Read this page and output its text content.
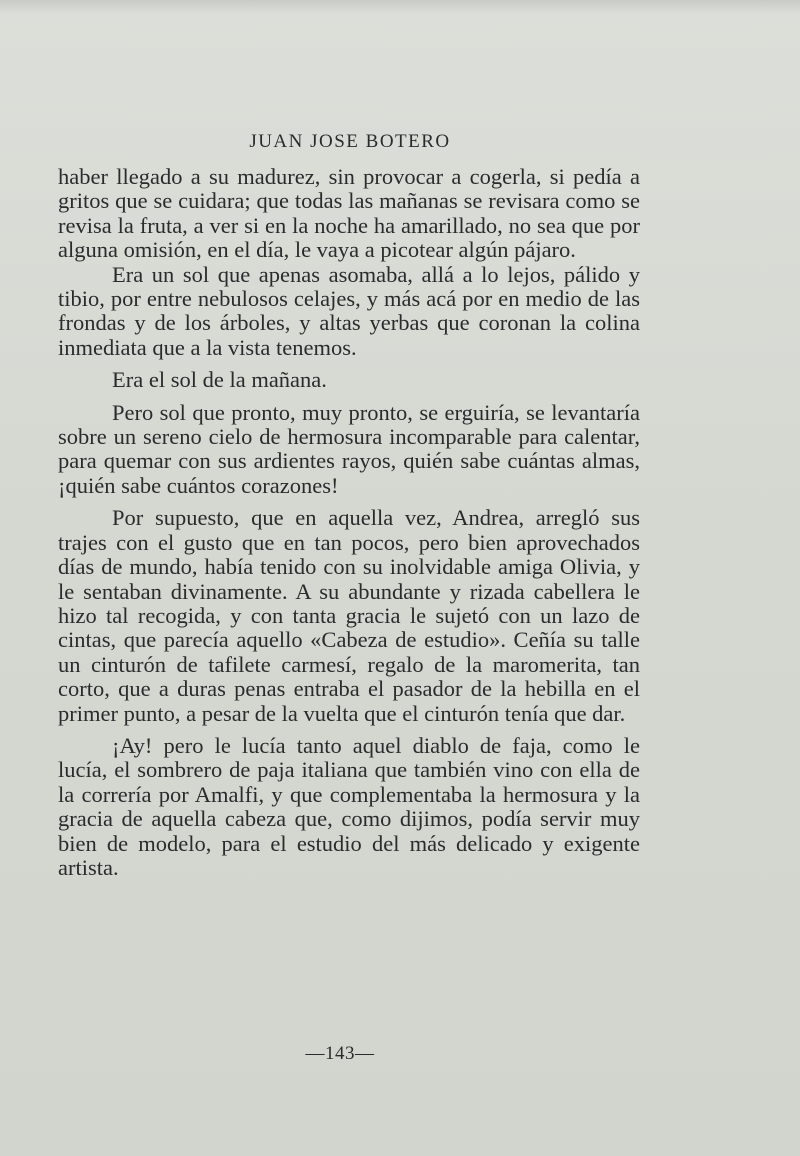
JUAN JOSE BOTERO

haber llegado a su madurez, sin provocar a cogerla, si pedía a gritos que se cuidara; que todas las mañanas se revisara como se revisa la fruta, a ver si en la noche ha amarillado, no sea que por alguna omisión, en el día, le vaya a picotear algún pájaro.

Era un sol que apenas asomaba, allá a lo lejos, pálido y tibio, por entre nebulosos celajes, y más acá por en medio de las frondas y de los árboles, y altas yerbas que coronan la colina inmediata que a la vista tenemos.

Era el sol de la mañana.

Pero sol que pronto, muy pronto, se erguiría, se levantaría sobre un sereno cielo de hermosura incomparable para calentar, para quemar con sus ardientes rayos, quién sabe cuántas almas, ¡quién sabe cuántos corazones!

Por supuesto, que en aquella vez, Andrea, arregló sus trajes con el gusto que en tan pocos, pero bien aprovechados días de mundo, había tenido con su inolvidable amiga Olivia, y le sentaban divinamente. A su abundante y rizada cabellera le hizo tal recogida, y con tanta gracia le sujetó con un lazo de cintas, que parecía aquello «Cabeza de estudio». Ceñía su talle un cinturón de tafilete carmesí, regalo de la maromerita, tan corto, que a duras penas entraba el pasador de la hebilla en el primer punto, a pesar de la vuelta que el cinturón tenía que dar.

¡Ay! pero le lucía tanto aquel diablo de faja, como le lucía, el sombrero de paja italiana que también vino con ella de la correría por Amalfi, y que complementaba la hermosura y la gracia de aquella cabeza que, como dijimos, podía servir muy bien de modelo, para el estudio del más delicado y exigente artista.

—143—
